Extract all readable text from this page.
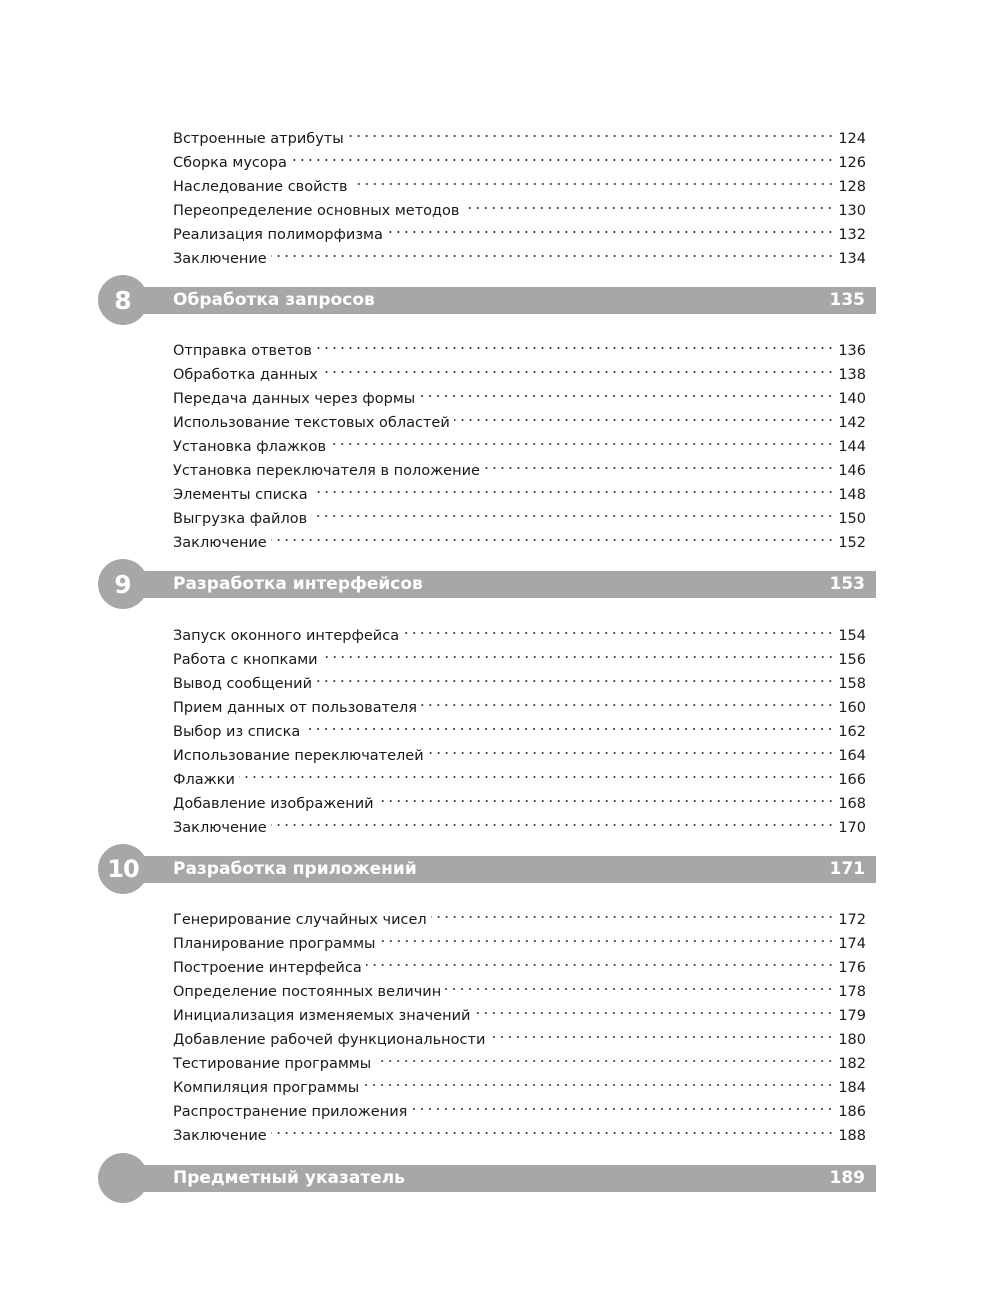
Встроенные атрибуты	124
Сборка мусора	126
Наследование свойств	128
Переопределение основных методов	130
Реализация полиморфизма	132
Заключение	134
8	Обработка запросов	135
Отправка ответов	136
Обработка данных	138
Передача данных через формы	140
Использование текстовых областей	142
Установка флажков	144
Установка переключателя в положение	146
Элементы списка	148
Выгрузка файлов	150
Заключение	152
9	Разработка интерфейсов	153
Запуск оконного интерфейса	154
Работа с кнопками	156
Вывод сообщений	158
Прием данных от пользователя	160
Выбор из списка	162
Использование переключателей	164
Флажки	166
Добавление изображений	168
Заключение	170
10	Разработка приложений	171
Генерирование случайных чисел	172
Планирование программы	174
Построение интерфейса	176
Определение постоянных величин	178
Инициализация изменяемых значений	179
Добавление рабочей функциональности	180
Тестирование программы	182
Компиляция программы	184
Распространение приложения	186
Заключение	188
Предметный указатель	189
